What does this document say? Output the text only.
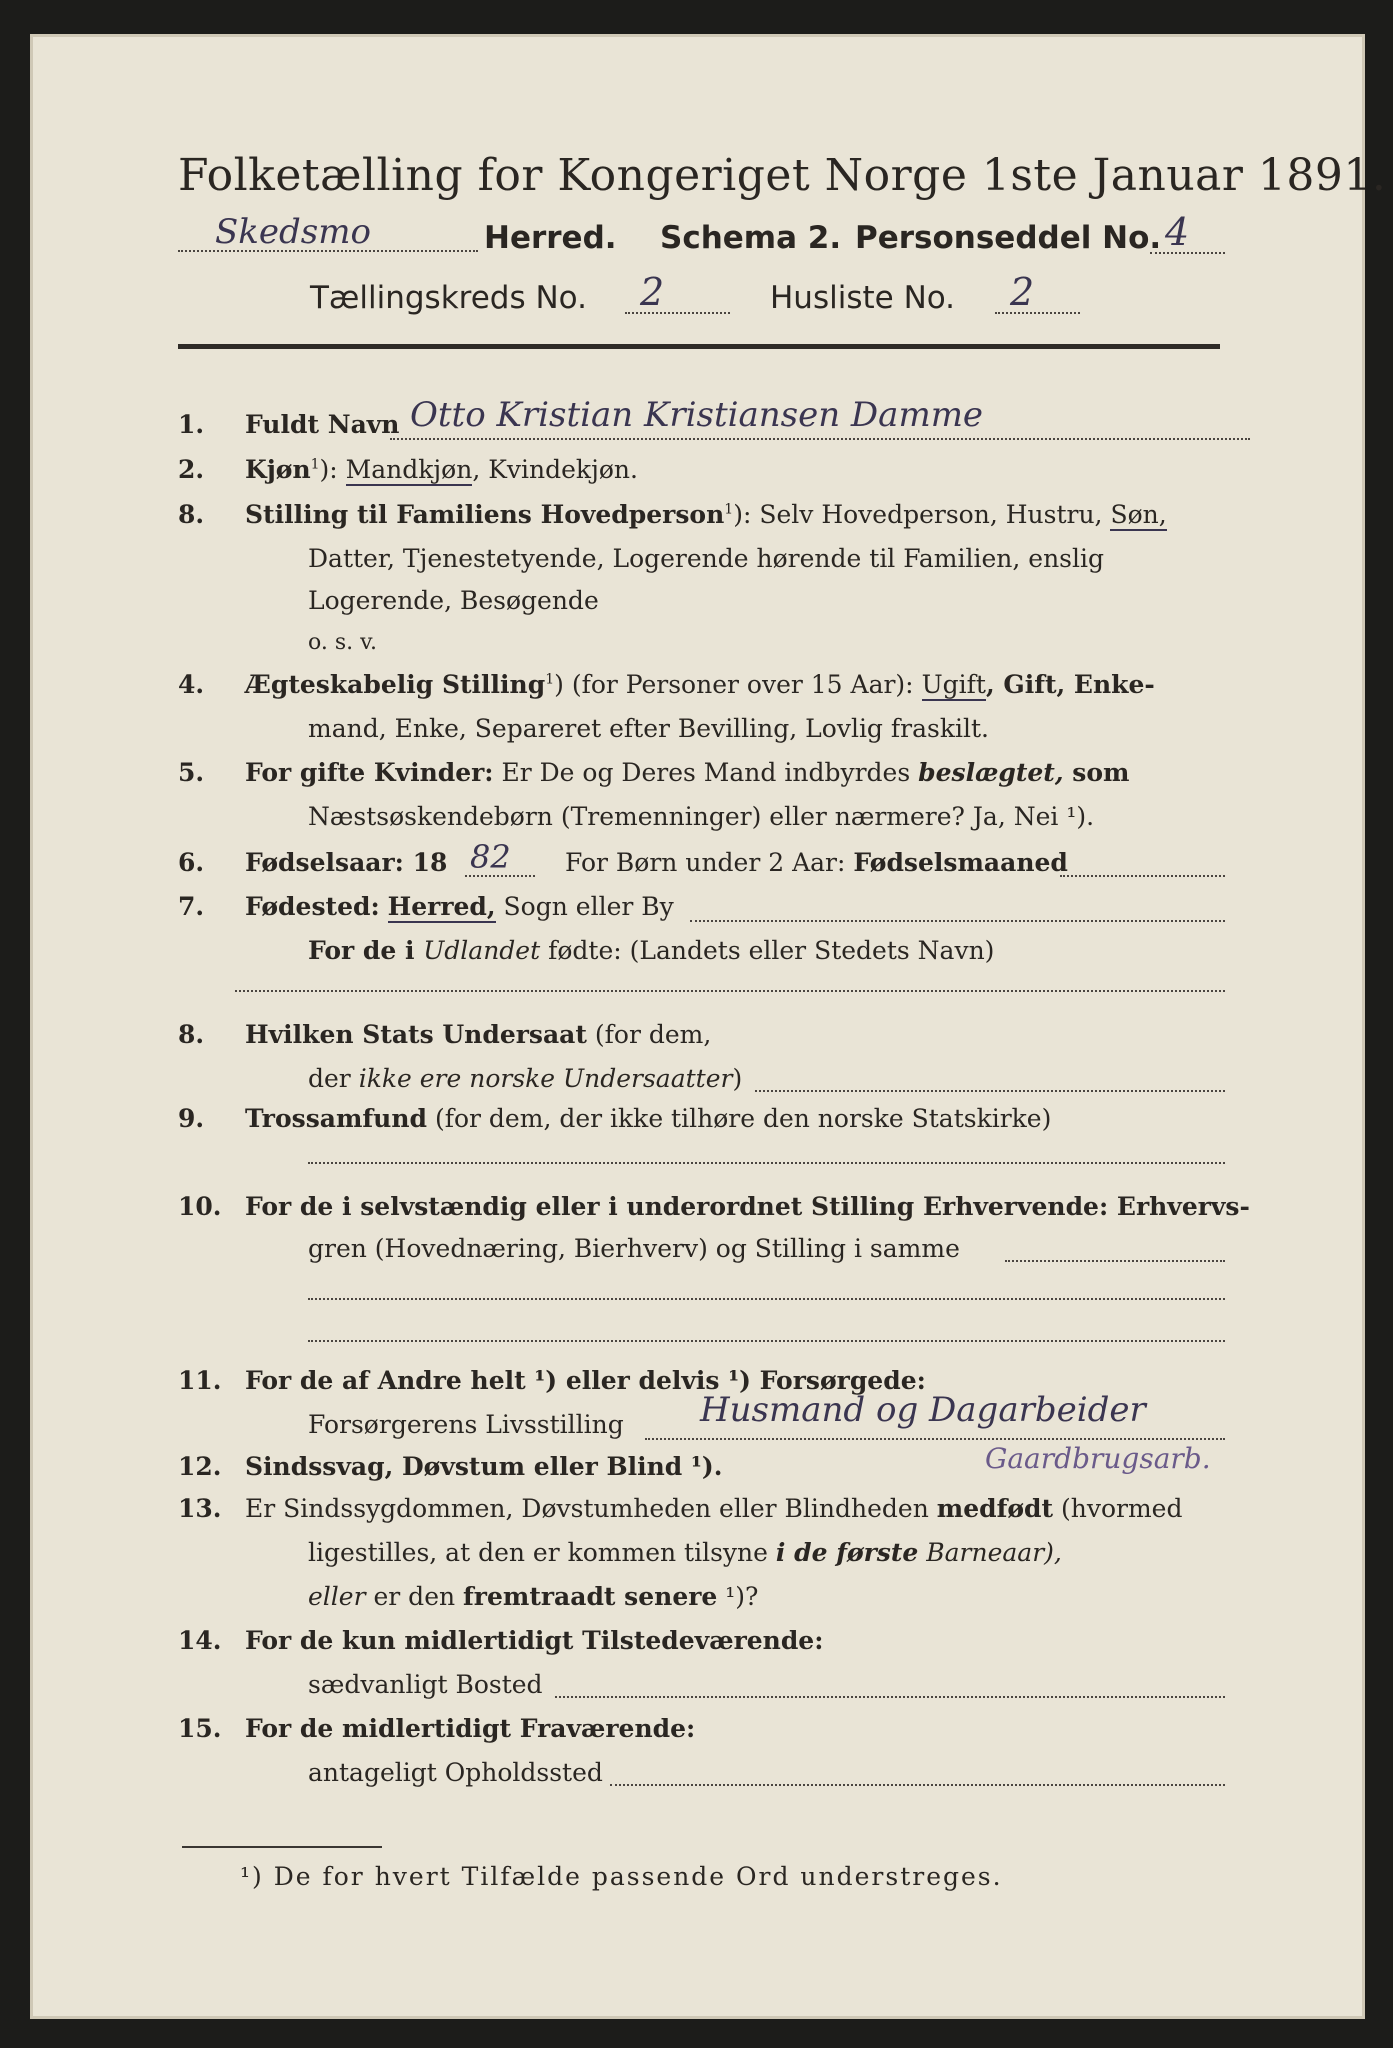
Folketælling for Kongeriget Norge 1ste Januar 1891.
Skedsmo	Herred. Schema 2. Personseddel No. 4
Tællingskreds No. 2	Husliste No. 2
1. Fuldt Navn Otto Kristian Kristiansen Damme
2. Kjøn$^1$): Mandkjøn, Kvindekjøn.
8. Stilling til Familiens Hovedperson$^1$): Selv Hovedperson, Hustru, Søn,
Datter, Tjenestetyende, Logerende hørende til Familien, enslig
Logerende, Besøgende
o. s. v.
4. Ægteskabelig Stilling$^1$) (for Personer over 15 Aar): Ugift, Gift, Enke-
mand, Enke, Separeret efter Bevilling, Lovlig fraskilt.
5. For gifte Kvinder: Er De og Deres Mand indbyrdes beslægtet, som
Næstsøskendebørn (Tremenninger) eller nærmere? Ja, Nei ¹).
6. Fødselsaar: 18 82 For Børn under 2 Aar: Fødselsmaaned
7. Fødested: Herred, Sogn eller By
For de i Udlandet fødte: (Landets eller Stedets Navn)
8. Hvilken Stats Undersaat (for dem,
der ikke ere norske Undersaatter)
9. Trossamfund (for dem, der ikke tilhøre den norske Statskirke)
10. For de i selvstændig eller i underordnet Stilling Erhvervende: Erhvervs-
gren (Hovednæring, Bierhverv) og Stilling i samme
11. For de af Andre helt ¹) eller delvis ¹) Forsørgede:
Forsørgerens Livsstilling Husmand og Dagarbeider
12. Sindssvag, Døvstum eller Blind ¹).	Gaardbrugsarb.
13. Er Sindssygdommen, Døvstumheden eller Blindheden medfødt (hvormed
ligestilles, at den er kommen tilsyne i de første Barneaar),
eller er den fremtraadt senere ¹)?
14. For de kun midlertidigt Tilstedeværende:
sædvanligt Bosted
15. For de midlertidigt Fraværende:
antageligt Opholdssted
¹) De for hvert Tilfælde passende Ord understreges.
